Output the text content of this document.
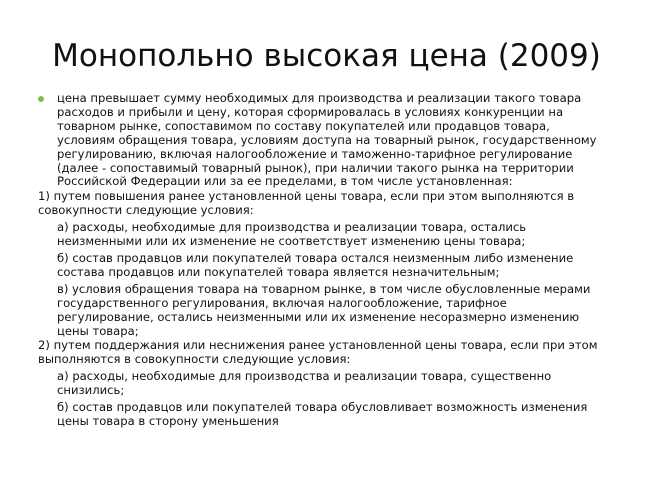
Монопольно высокая цена (2009)

цена превышает сумму необходимых для производства и реализации такого товара расходов и прибыли и цену, которая сформировалась в условиях конкуренции на товарном рынке, сопоставимом по составу покупателей или продавцов товара, условиям обращения товара, условиям доступа на товарный рынок, государственному регулированию, включая налогообложение и таможенно-тарифное регулирование (далее - сопоставимый товарный рынок), при наличии такого рынка на территории Российской Федерации или за ее пределами, в том числе установленная:

1) путем повышения ранее установленной цены товара, если при этом выполняются в совокупности следующие условия:

а) расходы, необходимые для производства и реализации товара, остались неизменными или их изменение не соответствует изменению цены товара;

б) состав продавцов или покупателей товара остался неизменным либо изменение состава продавцов или покупателей товара является незначительным;

в) условия обращения товара на товарном рынке, в том числе обусловленные мерами государственного регулирования, включая налогообложение, тарифное регулирование, остались неизменными или их изменение несоразмерно изменению цены товара;

2) путем поддержания или неснижения ранее установленной цены товара, если при этом выполняются в совокупности следующие условия:

а) расходы, необходимые для производства и реализации товара, существенно снизились;

б) состав продавцов или покупателей товара обусловливает возможность изменения цены товара в сторону уменьшения
